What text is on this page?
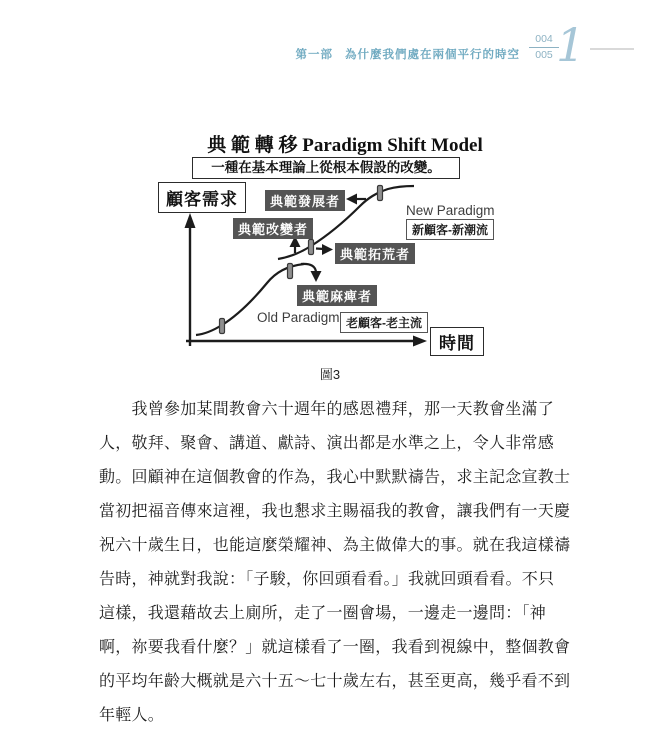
第一部 為什麼我們處在兩個平行的時空
004
005 1
典 範 轉 移 Paradigm Shift Model
一種在基本理論上從根本假設的改變。
顧客需求
時間
典範發展者
典範改變者
典範拓荒者
典範麻痺者
New Paradigm
新顧客-新潮流
Old Paradigm 老顧客-老主流
圖3
　　我曾參加某間教會六十週年的感恩禮拜，那一天教會坐滿了
人，敬拜、聚會、講道、獻詩、演出都是水準之上，令人非常感
動。回顧神在這個教會的作為，我心中默默禱告，求主記念宣教士
當初把福音傳來這裡，我也懇求主賜福我的教會，讓我們有一天慶
祝六十歲生日，也能這麼榮耀神、為主做偉大的事。就在我這樣禱
告時，神就對我說：「子駿，你回頭看看。」我就回頭看看。不只
這樣，我還藉故去上廁所，走了一圈會場，一邊走一邊問：「神
啊，祢要我看什麼？」就這樣看了一圈，我看到視線中，整個教會
的平均年齡大概就是六十五～七十歲左右，甚至更高，幾乎看不到
年輕人。
